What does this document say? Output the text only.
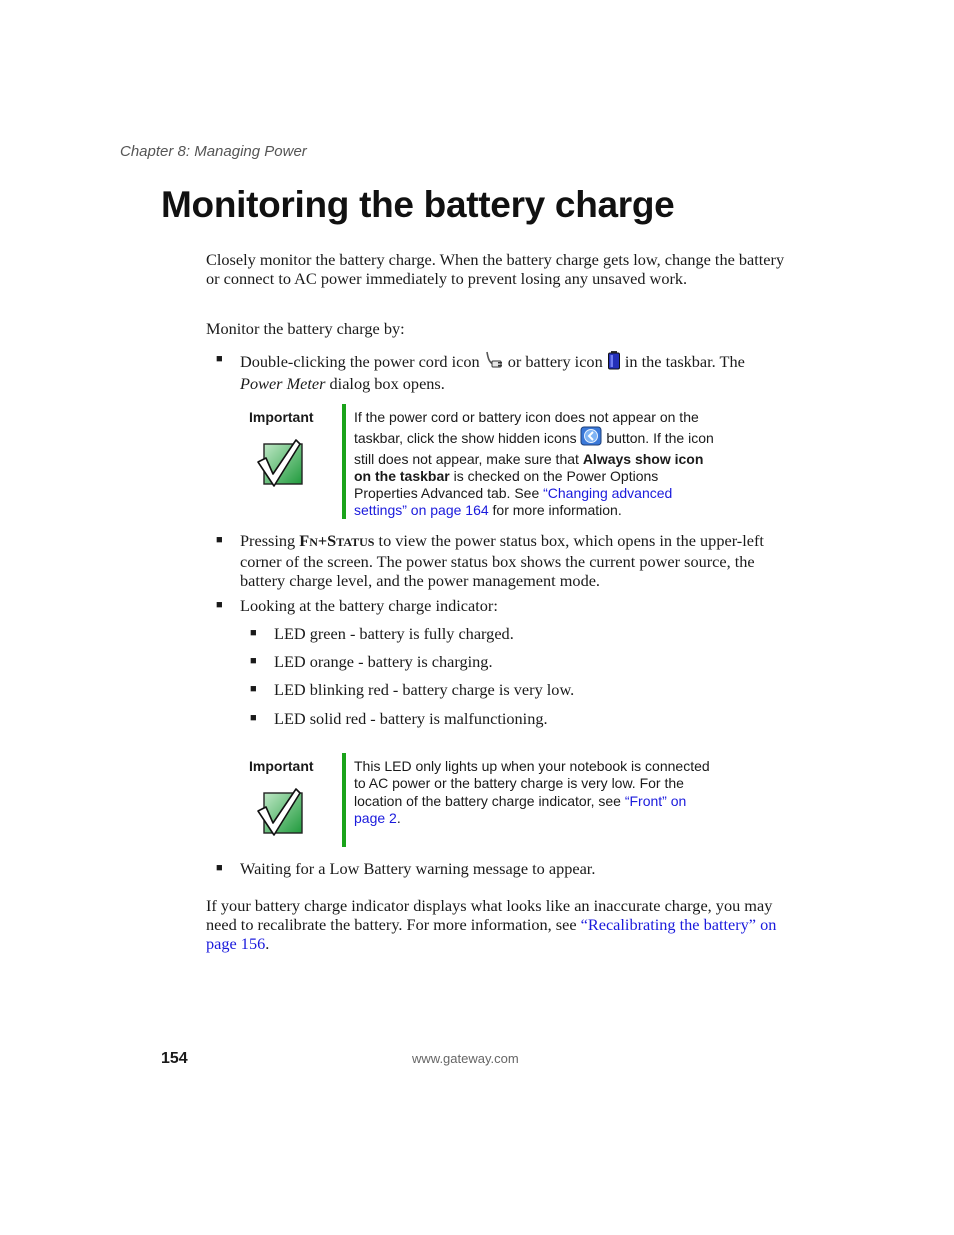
Chapter 8: Managing Power
Monitoring the battery charge

Closely monitor the battery charge. When the battery charge gets low, change the battery or connect to AC power immediately to prevent losing any unsaved work.

Monitor the battery charge by:

■ Double-clicking the power cord icon or battery icon in the taskbar. The Power Meter dialog box opens.

Important	If the power cord or battery icon does not appear on the taskbar, click the show hidden icons button. If the icon still does not appear, make sure that Always show icon on the taskbar is checked on the Power Options Properties Advanced tab. See “Changing advanced settings” on page 164 for more information.

■ Pressing FN+STATUS to view the power status box, which opens in the upper-left corner of the screen. The power status box shows the current power source, the battery charge level, and the power management mode.

■ Looking at the battery charge indicator:

■ LED green - battery is fully charged.

■ LED orange - battery is charging.

■ LED blinking red - battery charge is very low.

■ LED solid red - battery is malfunctioning.

Important	This LED only lights up when your notebook is connected to AC power or the battery charge is very low. For the location of the battery charge indicator, see “Front” on page 2.

■ Waiting for a Low Battery warning message to appear.

If your battery charge indicator displays what looks like an inaccurate charge, you may need to recalibrate the battery. For more information, see “Recalibrating the battery” on page 156.

154	www.gateway.com
